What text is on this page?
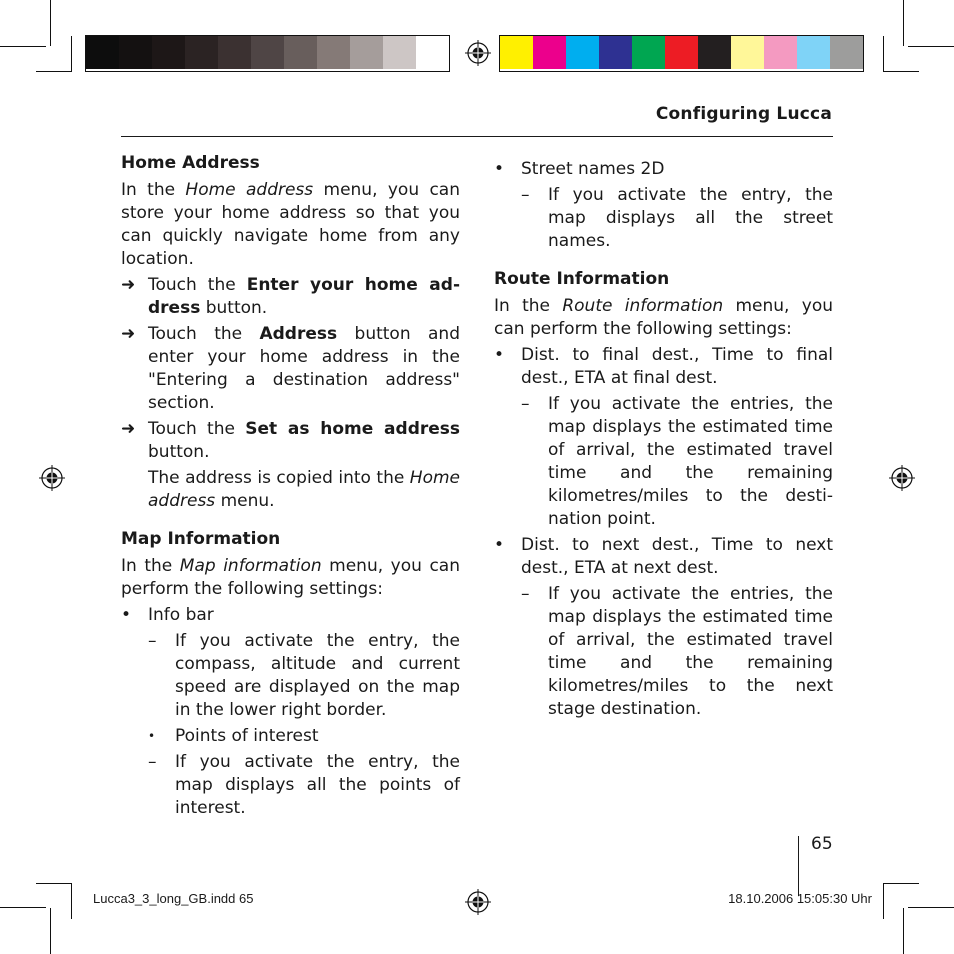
Configuring Lucca
Home Address

In the Home address menu, you can store your home address so that you can quickly navigate home from any location.

➜ Touch the Enter your home ad-dress button.
➜ Touch the Address button and enter your home address in the "Entering a destination address" section.
➜ Touch the Set as home address button.
The address is copied into the Home address menu.
Map Information

In the Map information menu, you can perform the following settings:

• Info bar
– If you activate the entry, the compass, altitude and current speed are displayed on the map in the lower right border.
• Points of interest
– If you activate the entry, the map displays all the points of interest.
• Street names 2D
– If you activate the entry, the map displays all the street names.
Route Information

In the Route information menu, you can perform the following settings:

• Dist. to final dest., Time to final dest., ETA at final dest.
– If you activate the entries, the map displays the estimated time of arrival, the estimated travel time and the remaining kilometres/miles to the desti-nation point.
• Dist. to next dest., Time to next dest., ETA at next dest.
– If you activate the entries, the map displays the estimated time of arrival, the estimated travel time and the remaining kilometres/miles to the next stage destination.
65
Lucca3_3_long_GB.indd 65	18.10.2006 15:05:30 Uhr
